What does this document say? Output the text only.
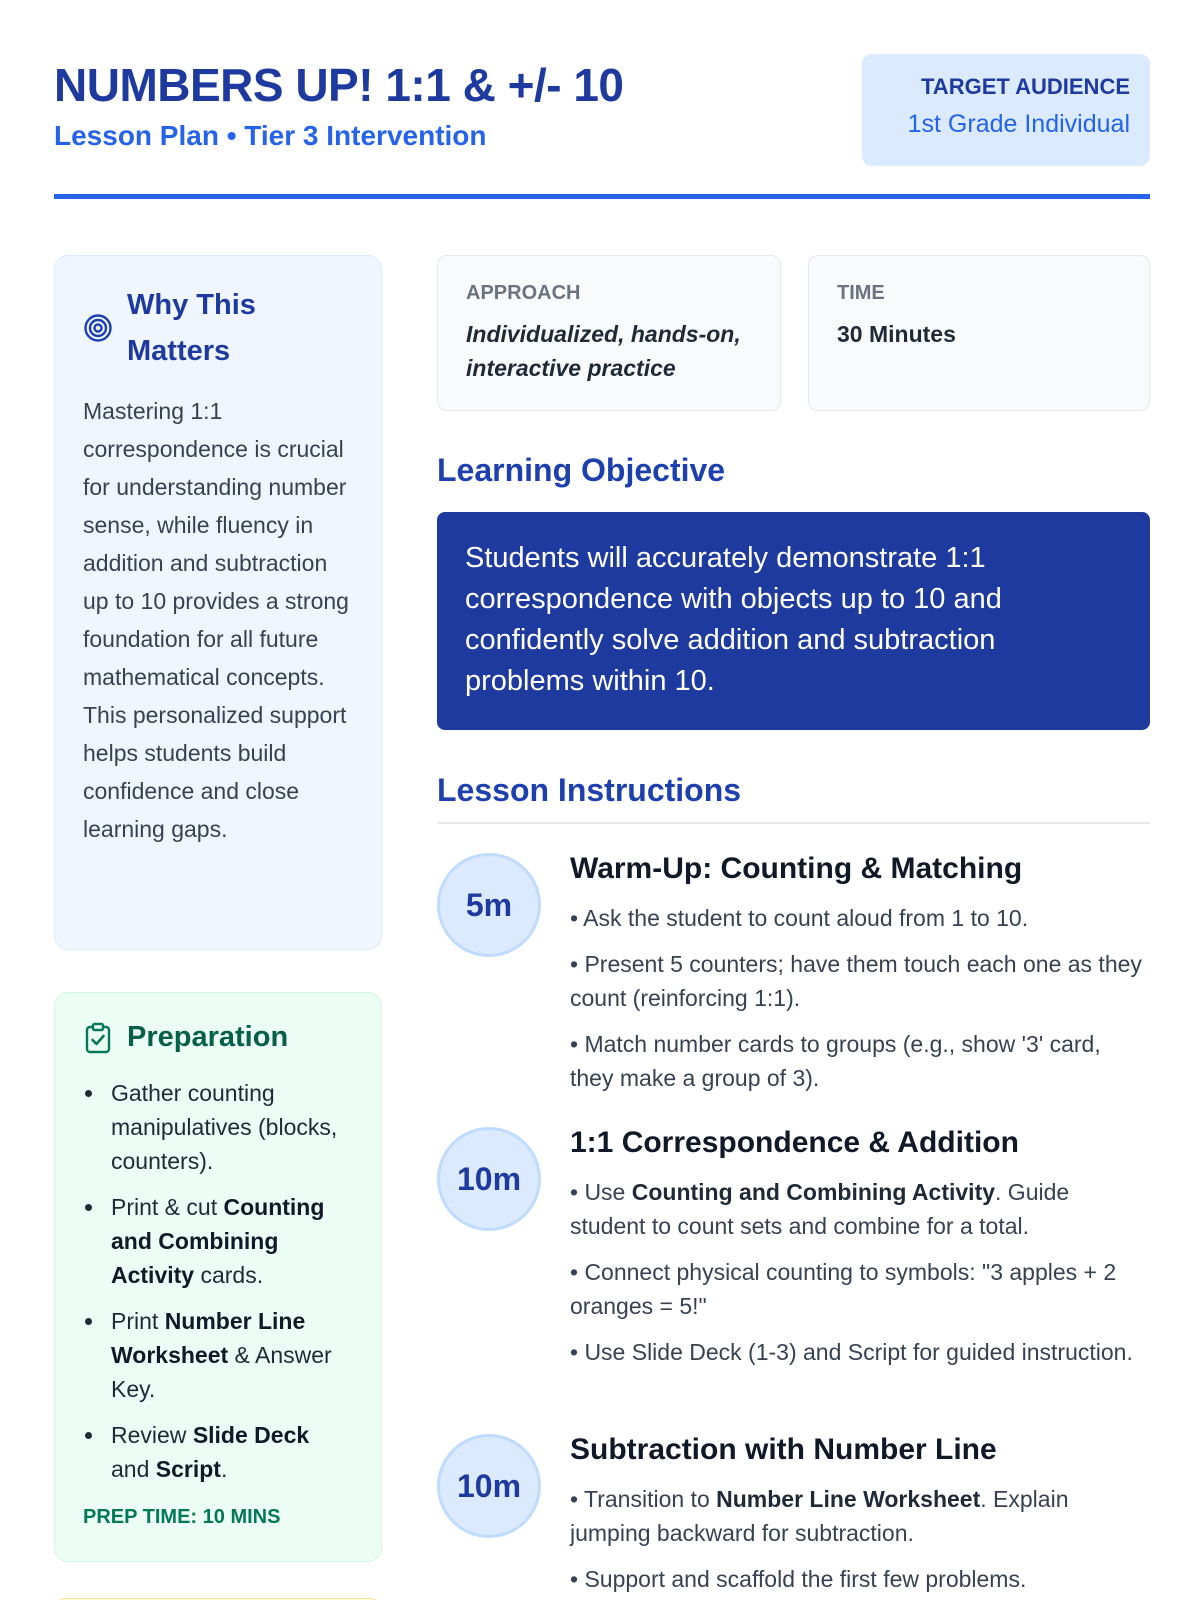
NUMBERS UP! 1:1 & +/- 10
Lesson Plan • Tier 3 Intervention
TARGET AUDIENCE
1st Grade Individual
Why This Matters
Mastering 1:1 correspondence is crucial for understanding number sense, while fluency in addition and subtraction up to 10 provides a strong foundation for all future mathematical concepts. This personalized support helps students build confidence and close learning gaps.
Preparation
Gather counting manipulatives (blocks, counters).
Print & cut Counting and Combining Activity cards.
Print Number Line Worksheet & Answer Key.
Review Slide Deck and Script.
PREP TIME: 10 MINS
APPROACH
Individualized, hands-on, interactive practice
TIME
30 Minutes
Learning Objective
Students will accurately demonstrate 1:1 correspondence with objects up to 10 and confidently solve addition and subtraction problems within 10.
Lesson Instructions
5m
Warm-Up: Counting & Matching
• Ask the student to count aloud from 1 to 10.
• Present 5 counters; have them touch each one as they count (reinforcing 1:1).
• Match number cards to groups (e.g., show '3' card, they make a group of 3).
10m
1:1 Correspondence & Addition
• Use Counting and Combining Activity. Guide student to count sets and combine for a total.
• Connect physical counting to symbols: "3 apples + 2 oranges = 5!"
• Use Slide Deck (1-3) and Script for guided instruction.
10m
Subtraction with Number Line
• Transition to Number Line Worksheet. Explain jumping backward for subtraction.
• Support and scaffold the first few problems.
